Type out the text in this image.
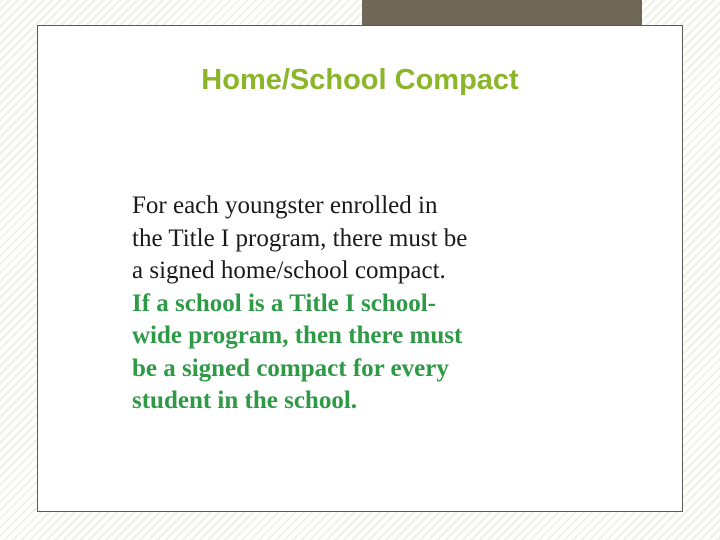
Home/School Compact

For each youngster enrolled in
the Title I program, there must be
a signed home/school compact.
If a school is a Title I school-
wide program, then there must
be a signed compact for every
student in the school.
